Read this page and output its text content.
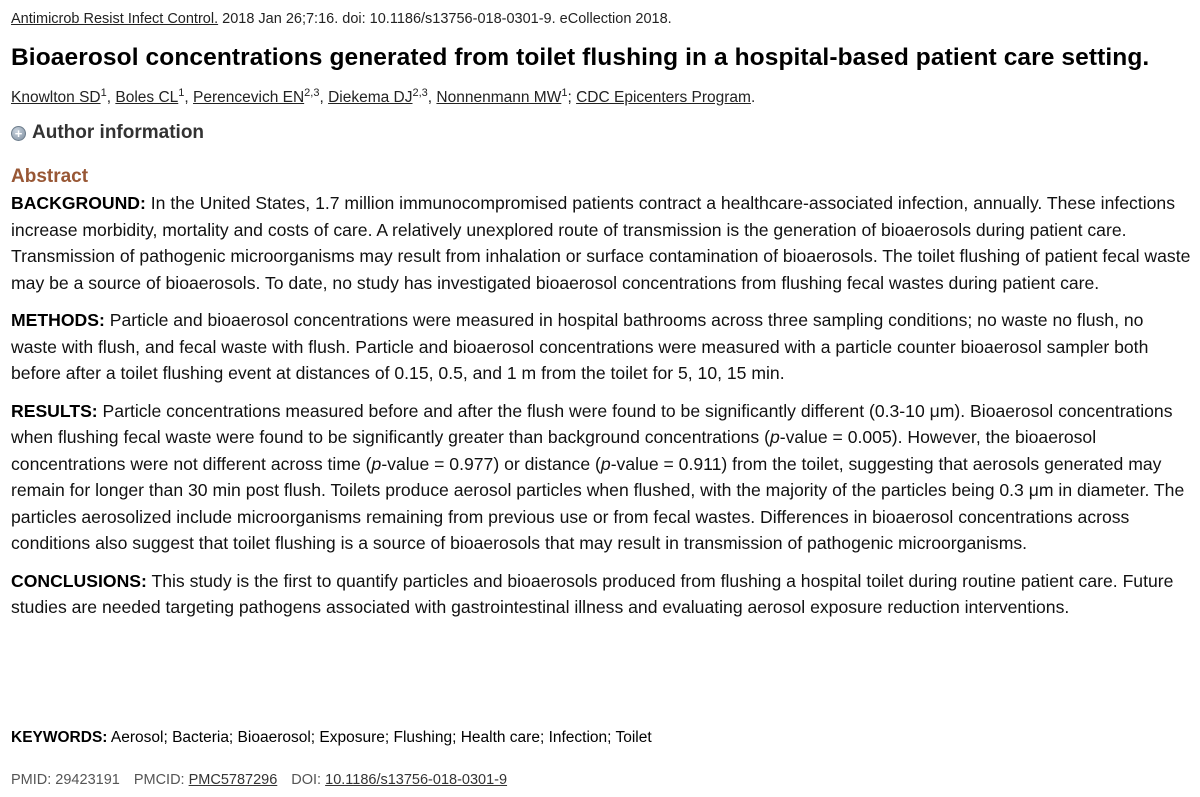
Antimicrob Resist Infect Control. 2018 Jan 26;7:16. doi: 10.1186/s13756-018-0301-9. eCollection 2018.
Bioaerosol concentrations generated from toilet flushing in a hospital-based patient care setting.
Knowlton $SD^1$, Boles $CL^1$, Perencevich EN$^{2,3}$, Diekema DJ$^{2,3}$, Nonnenmann $MW^1$; CDC Epicenters Program.
+ Author information
Abstract

BACKGROUND: In the United States, 1.7 million immunocompromised patients contract a healthcare-associated infection, annually. These infections increase morbidity, mortality and costs of care. A relatively unexplored route of transmission is the generation of bioaerosols during patient care. Transmission of pathogenic microorganisms may result from inhalation or surface contamination of bioaerosols. The toilet flushing of patient fecal waste may be a source of bioaerosols. To date, no study has investigated bioaerosol concentrations from flushing fecal wastes during patient care.

METHODS: Particle and bioaerosol concentrations were measured in hospital bathrooms across three sampling conditions; no waste no flush, no waste with flush, and fecal waste with flush. Particle and bioaerosol concentrations were measured with a particle counter bioaerosol sampler both before after a toilet flushing event at distances of 0.15, 0.5, and 1 m from the toilet for 5, 10, 15 min.

RESULTS: Particle concentrations measured before and after the flush were found to be significantly different (0.3-10 μm). Bioaerosol concentrations when flushing fecal waste were found to be significantly greater than background concentrations (p-value = 0.005). However, the bioaerosol concentrations were not different across time (p-value = 0.977) or distance (p-value = 0.911) from the toilet, suggesting that aerosols generated may remain for longer than 30 min post flush. Toilets produce aerosol particles when flushed, with the majority of the particles being 0.3 μm in diameter. The particles aerosolized include microorganisms remaining from previous use or from fecal wastes. Differences in bioaerosol concentrations across conditions also suggest that toilet flushing is a source of bioaerosols that may result in transmission of pathogenic microorganisms.

CONCLUSIONS: This study is the first to quantify particles and bioaerosols produced from flushing a hospital toilet during routine patient care. Future studies are needed targeting pathogens associated with gastrointestinal illness and evaluating aerosol exposure reduction interventions.

KEYWORDS: Aerosol; Bacteria; Bioaerosol; Exposure; Flushing; Health care; Infection; Toilet
PMID: 29423191 PMCID: PMC5787296 DOI: 10.1186/s13756-018-0301-9
